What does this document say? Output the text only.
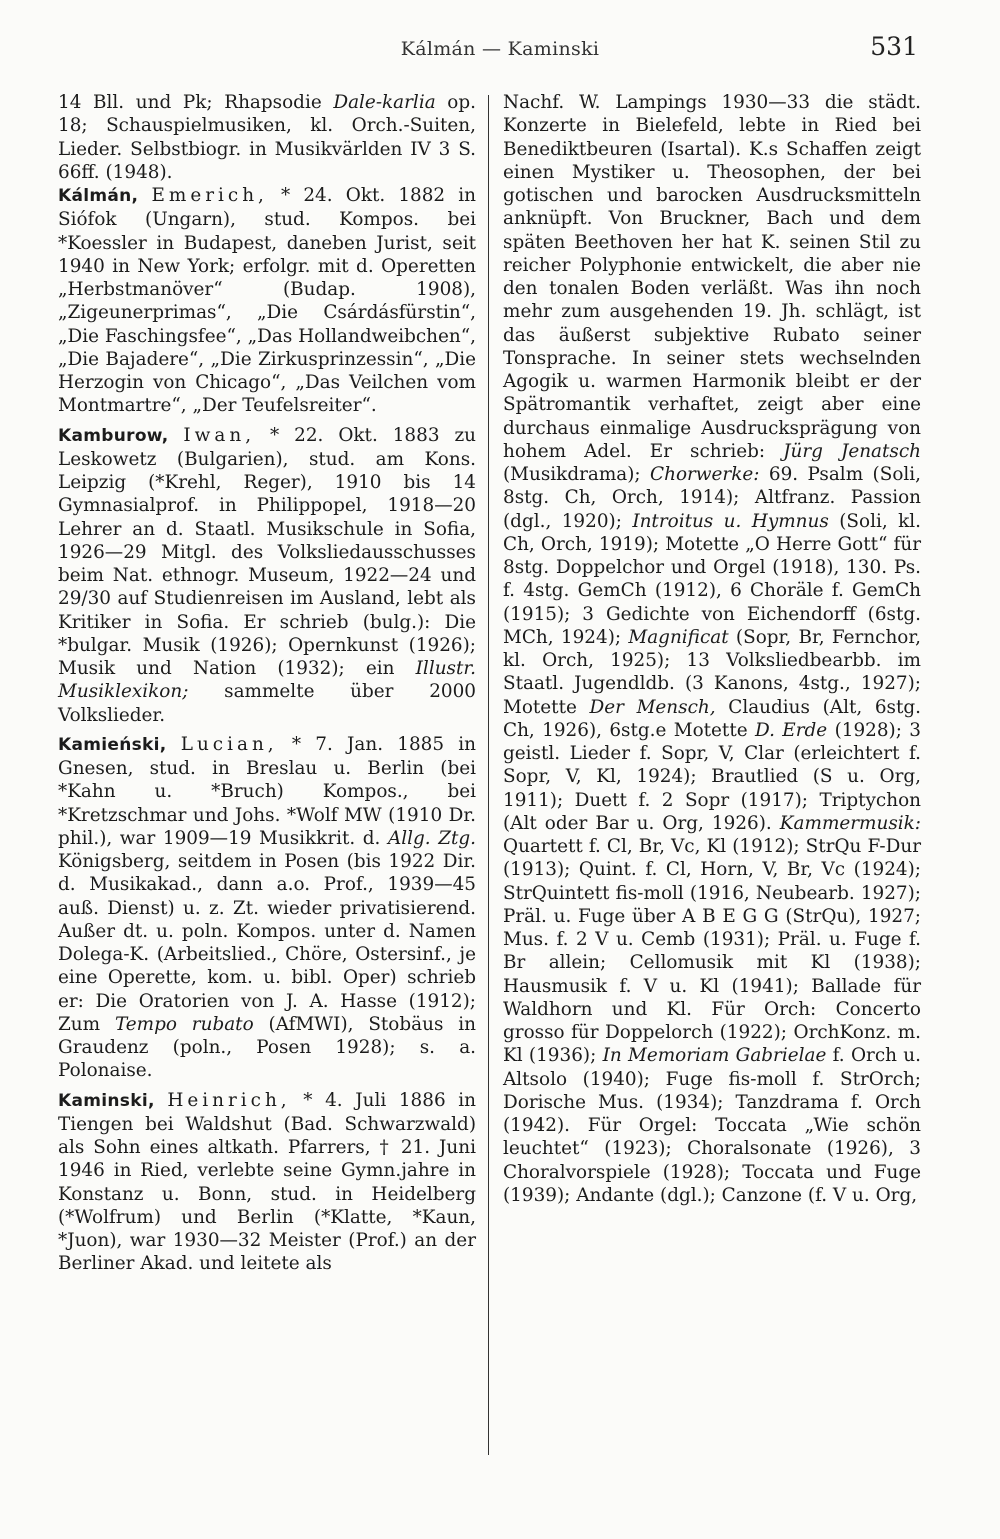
Kálmán — Kaminski	531

14 Bll. und Pk; Rhapsodie Dale-karlia op. 18; Schauspielmusiken, kl. Orch.-Suiten, Lieder. Selbstbiogr. in Musikvärlden IV 3 S. 66ff. (1948).

Kálmán, Emerich, * 24. Okt. 1882 in Siófok (Ungarn), stud. Kompos. bei *Koessler in Budapest, daneben Jurist, seit 1940 in New York; erfolgr. mit d. Operetten „Herbstmanöver“ (Budap. 1908), „Zigeunerprimas“, „Die Csárdásfürstin“, „Die Faschingsfee“, „Das Hollandweibchen“, „Die Bajadere“, „Die Zirkusprinzessin“, „Die Herzogin von Chicago“, „Das Veilchen vom Montmartre“, „Der Teufelsreiter“.

Kamburow, Iwan, * 22. Okt. 1883 zu Leskowetz (Bulgarien), stud. am Kons. Leipzig (*Krehl, Reger), 1910 bis 14 Gymnasialprof. in Philippopel, 1918—20 Lehrer an d. Staatl. Musikschule in Sofia, 1926—29 Mitgl. des Volksliedausschusses beim Nat. ethnogr. Museum, 1922—24 und 29/30 auf Studienreisen im Ausland, lebt als Kritiker in Sofia. Er schrieb (bulg.): Die *bulgar. Musik (1926); Opernkunst (1926); Musik und Nation (1932); ein Illustr. Musiklexikon; sammelte über 2000 Volkslieder.

Kamieński, Lucian, * 7. Jan. 1885 in Gnesen, stud. in Breslau u. Berlin (bei *Kahn u. *Bruch) Kompos., bei *Kretzschmar und Johs. *Wolf MW (1910 Dr. phil.), war 1909—19 Musikkrit. d. Allg. Ztg. Königsberg, seitdem in Posen (bis 1922 Dir. d. Musikakad., dann a.o. Prof., 1939—45 auß. Dienst) u. z. Zt. wieder privatisierend. Außer dt. u. poln. Kompos. unter d. Namen Dolega-K. (Arbeitslied., Chöre, Ostersinf., je eine Operette, kom. u. bibl. Oper) schrieb er: Die Oratorien von J. A. Hasse (1912); Zum Tempo rubato (AfMWI), Stobäus in Graudenz (poln., Posen 1928); s. a. Polonaise.

Kaminski, Heinrich, * 4. Juli 1886 in Tiengen bei Waldshut (Bad. Schwarzwald) als Sohn eines altkath. Pfarrers, † 21. Juni 1946 in Ried, verlebte seine Gymn.jahre in Konstanz u. Bonn, stud. in Heidelberg (*Wolfrum) und Berlin (*Klatte, *Kaun, *Juon), war 1930—32 Meister (Prof.) an der Berliner Akad. und leitete als

Nachf. W. Lampings 1930—33 die städt. Konzerte in Bielefeld, lebte in Ried bei Benediktbeuren (Isartal). K.s Schaffen zeigt einen Mystiker u. Theosophen, der bei gotischen und barocken Ausdrucksmitteln anknüpft. Von Bruckner, Bach und dem späten Beethoven her hat K. seinen Stil zu reicher Polyphonie entwickelt, die aber nie den tonalen Boden verläßt. Was ihn noch mehr zum ausgehenden 19. Jh. schlägt, ist das äußerst subjektive Rubato seiner Tonsprache. In seiner stets wechselnden Agogik u. warmen Harmonik bleibt er der Spätromantik verhaftet, zeigt aber eine durchaus einmalige Ausdrucksprägung von hohem Adel. Er schrieb: Jürg Jenatsch (Musikdrama); Chorwerke: 69. Psalm (Soli, 8stg. Ch, Orch, 1914); Altfranz. Passion (dgl., 1920); Introitus u. Hymnus (Soli, kl. Ch, Orch, 1919); Motette „O Herre Gott“ für 8stg. Doppelchor und Orgel (1918), 130. Ps. f. 4stg. GemCh (1912), 6 Choräle f. GemCh (1915); 3 Gedichte von Eichendorff (6stg. MCh, 1924); Magnificat (Sopr, Br, Fernchor, kl. Orch, 1925); 13 Volksliedbearbb. im Staatl. Jugendldb. (3 Kanons, 4stg., 1927); Motette Der Mensch, Claudius (Alt, 6stg. Ch, 1926), 6stg.e Motette D. Erde (1928); 3 geistl. Lieder f. Sopr, V, Clar (erleichtert f. Sopr, V, Kl, 1924); Brautlied (S u. Org, 1911); Duett f. 2 Sopr (1917); Triptychon (Alt oder Bar u. Org, 1926). Kammermusik: Quartett f. Cl, Br, Vc, Kl (1912); StrQu F-Dur (1913); Quint. f. Cl, Horn, V, Br, Vc (1924); StrQuintett fis-moll (1916, Neubearb. 1927); Präl. u. Fuge über A B E G G (StrQu), 1927; Mus. f. 2 V u. Cemb (1931); Präl. u. Fuge f. Br allein; Cellomusik mit Kl (1938); Hausmusik f. V u. Kl (1941); Ballade für Waldhorn und Kl. Für Orch: Concerto grosso für Doppelorch (1922); OrchKonz. m. Kl (1936); In Memoriam Gabrielae f. Orch u. Altsolo (1940); Fuge fis-moll f. StrOrch; Dorische Mus. (1934); Tanzdrama f. Orch (1942). Für Orgel: Toccata „Wie schön leuchtet“ (1923); Choralsonate (1926), 3 Choralvorspiele (1928); Toccata und Fuge (1939); Andante (dgl.); Canzone (f. V u. Org,
